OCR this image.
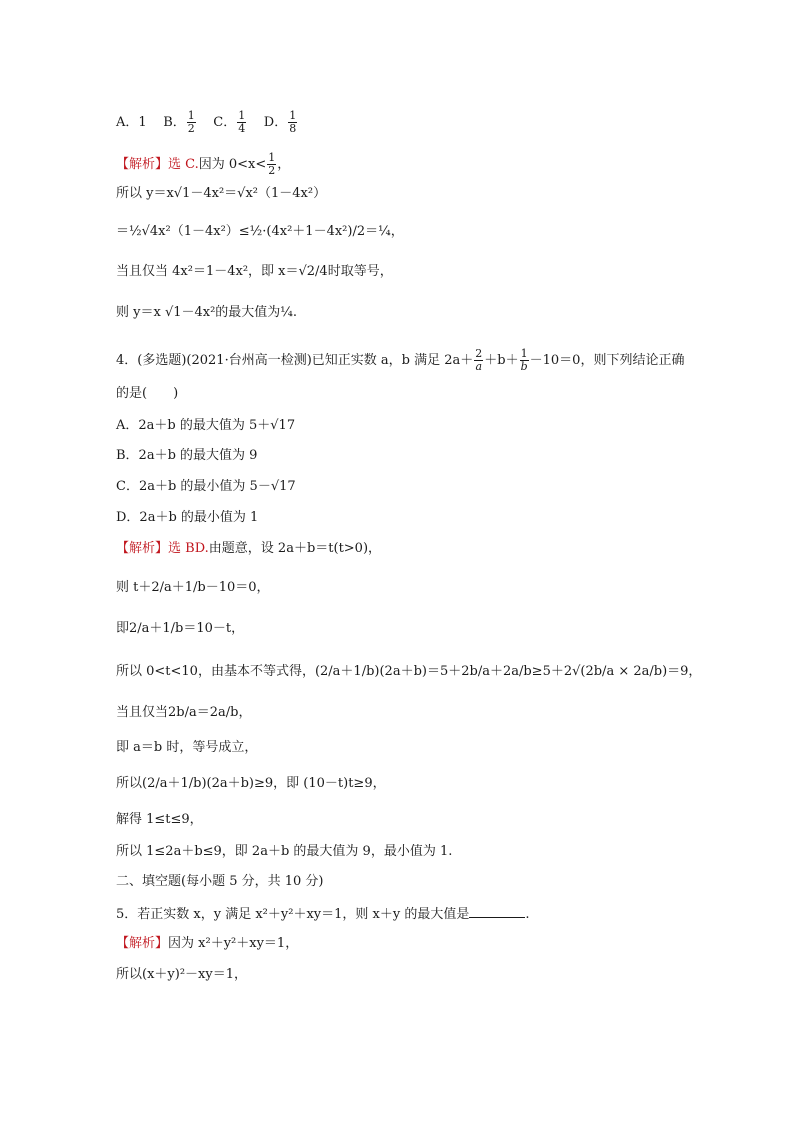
A．1 B． $\frac{1}{2}$ C． $\frac{1}{4}$ D． $\frac{1}{8}$
【解析】选 C.因为 $0<x< \frac{1}{2}$ ，
所以 y＝x√1－4x²＝√x²（1－4x²）
＝½√4x²（1－4x²）≤½·(4x²＋1－4x²)/2＝¼，
当且仅当 4x²＝1－4x²，即 x＝√2/4时取等号，
则 y＝x √1－4x²的最大值为¼.
4．(多选题)(2021·台州高一检测)已知正实数 a，b 满足 $2a+ \frac{2}{a} +b+ \frac{1}{b} -10=0$，则下列结论正确
的是(　　)
A．2a＋b 的最大值为 5＋√17
B．2a＋b 的最大值为 9
C．2a＋b 的最小值为 5－√17
D．2a＋b 的最小值为 1
【解析】选 BD.由题意，设 2a＋b＝t(t>0)，
则 t＋2/a＋1/b－10＝0，
即2/a＋1/b＝10－t，
所以 0<t<10，由基本不等式得，(2/a＋1/b)(2a＋b)＝5＋2b/a＋2a/b≥5＋2√(2b/a × 2a/b)＝9，
当且仅当2b/a＝2a/b，
即 a＝b 时，等号成立，
所以(2/a＋1/b)(2a＋b)≥9，即 (10－t)t≥9，
解得 1≤t≤9，
所以 1≤2a＋b≤9，即 2a＋b 的最大值为 9，最小值为 1.
二、填空题(每小题 5 分，共 10 分)
5．若正实数 x，y 满足 x²＋y²＋xy＝1，则 x＋y 的最大值是	.
【解析】因为 x²＋y²＋xy＝1，
所以(x＋y)²－xy＝1，
